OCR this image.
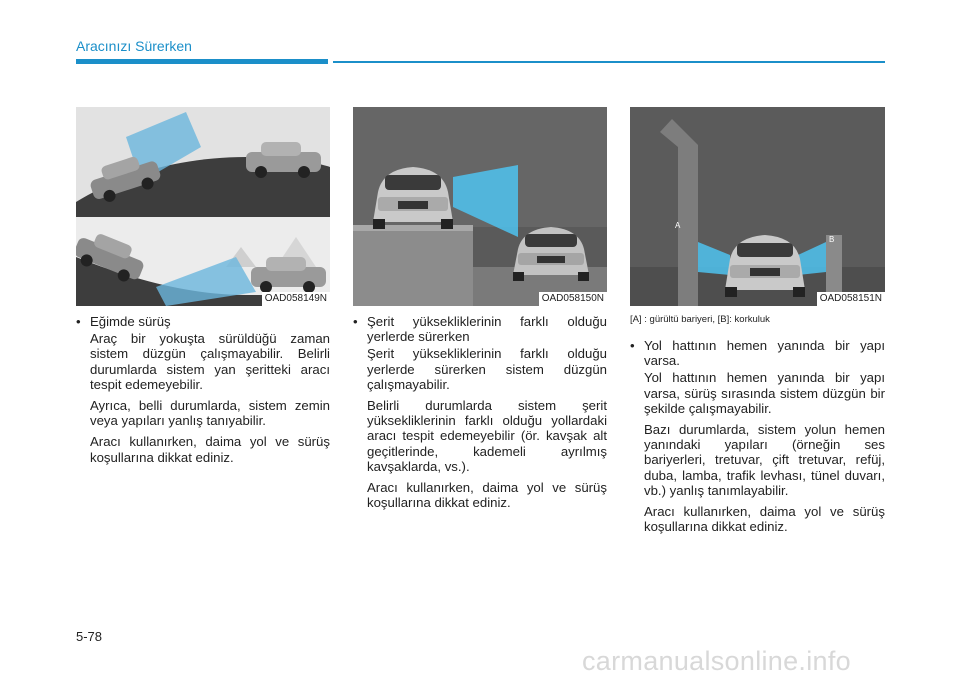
Aracınızı Sürerken
OAD058149N	OAD058150N
A
B
OAD058151N
[A] : gürültü bariyeri, [B]: korkuluk
• Eğimde sürüş

Araç bir yokuşta sürüldüğü zaman sistem düzgün çalışmayabilir. Belirli durumlarda sistem yan şeritteki aracı tespit edemeyebilir.

Ayrıca, belli durumlarda, sistem zemin veya yapıları yanlış tanıyabilir.

Aracı kullanırken, daima yol ve sürüş koşullarına dikkat ediniz.

• Şerit yüksekliklerinin farklı olduğu yerlerde sürerken

Şerit yüksekliklerinin farklı olduğu yerlerde sürerken sistem düzgün çalışmayabilir.

Belirli durumlarda sistem şerit yüksekliklerinin farklı olduğu yollardaki aracı tespit edemeyebilir (ör. kavşak alt geçitlerinde, kademeli ayrılmış kavşaklarda, vs.).

Aracı kullanırken, daima yol ve sürüş koşullarına dikkat ediniz.

• Yol hattının hemen yanında bir yapı varsa.

Yol hattının hemen yanında bir yapı varsa, sürüş sırasında sistem düzgün bir şekilde çalışmayabilir.

Bazı durumlarda, sistem yolun hemen yanındaki yapıları (örneğin ses bariyerleri, tretuvar, çift tretuvar, refüj, duba, lamba, trafik levhası, tünel duvarı, vb.) yanlış tanımlayabilir.

Aracı kullanırken, daima yol ve sürüş koşullarına dikkat ediniz.

5-78
carmanualsonline.info
